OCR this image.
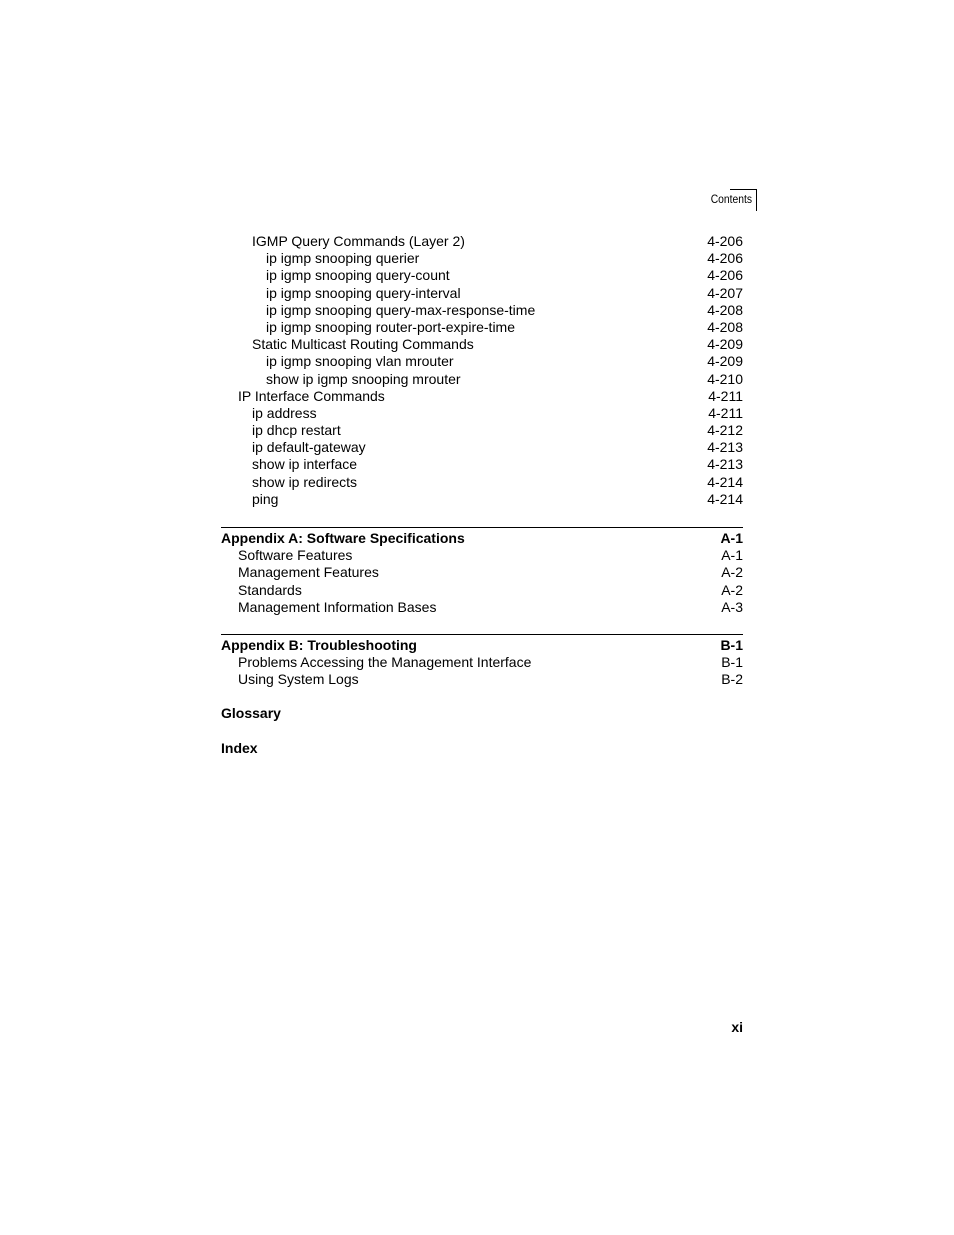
Contents
IGMP Query Commands (Layer 2)	4-206
ip igmp snooping querier	4-206
ip igmp snooping query-count	4-206
ip igmp snooping query-interval	4-207
ip igmp snooping query-max-response-time	4-208
ip igmp snooping router-port-expire-time	4-208
Static Multicast Routing Commands	4-209
ip igmp snooping vlan mrouter	4-209
show ip igmp snooping mrouter	4-210
IP Interface Commands	4-211
ip address	4-211
ip dhcp restart	4-212
ip default-gateway	4-213
show ip interface	4-213
show ip redirects	4-214
ping	4-214
Appendix A: Software Specifications	A-1
Software Features	A-1
Management Features	A-2
Standards	A-2
Management Information Bases	A-3
Appendix B: Troubleshooting	B-1
Problems Accessing the Management Interface	B-1
Using System Logs	B-2
Glossary
Index
xi
